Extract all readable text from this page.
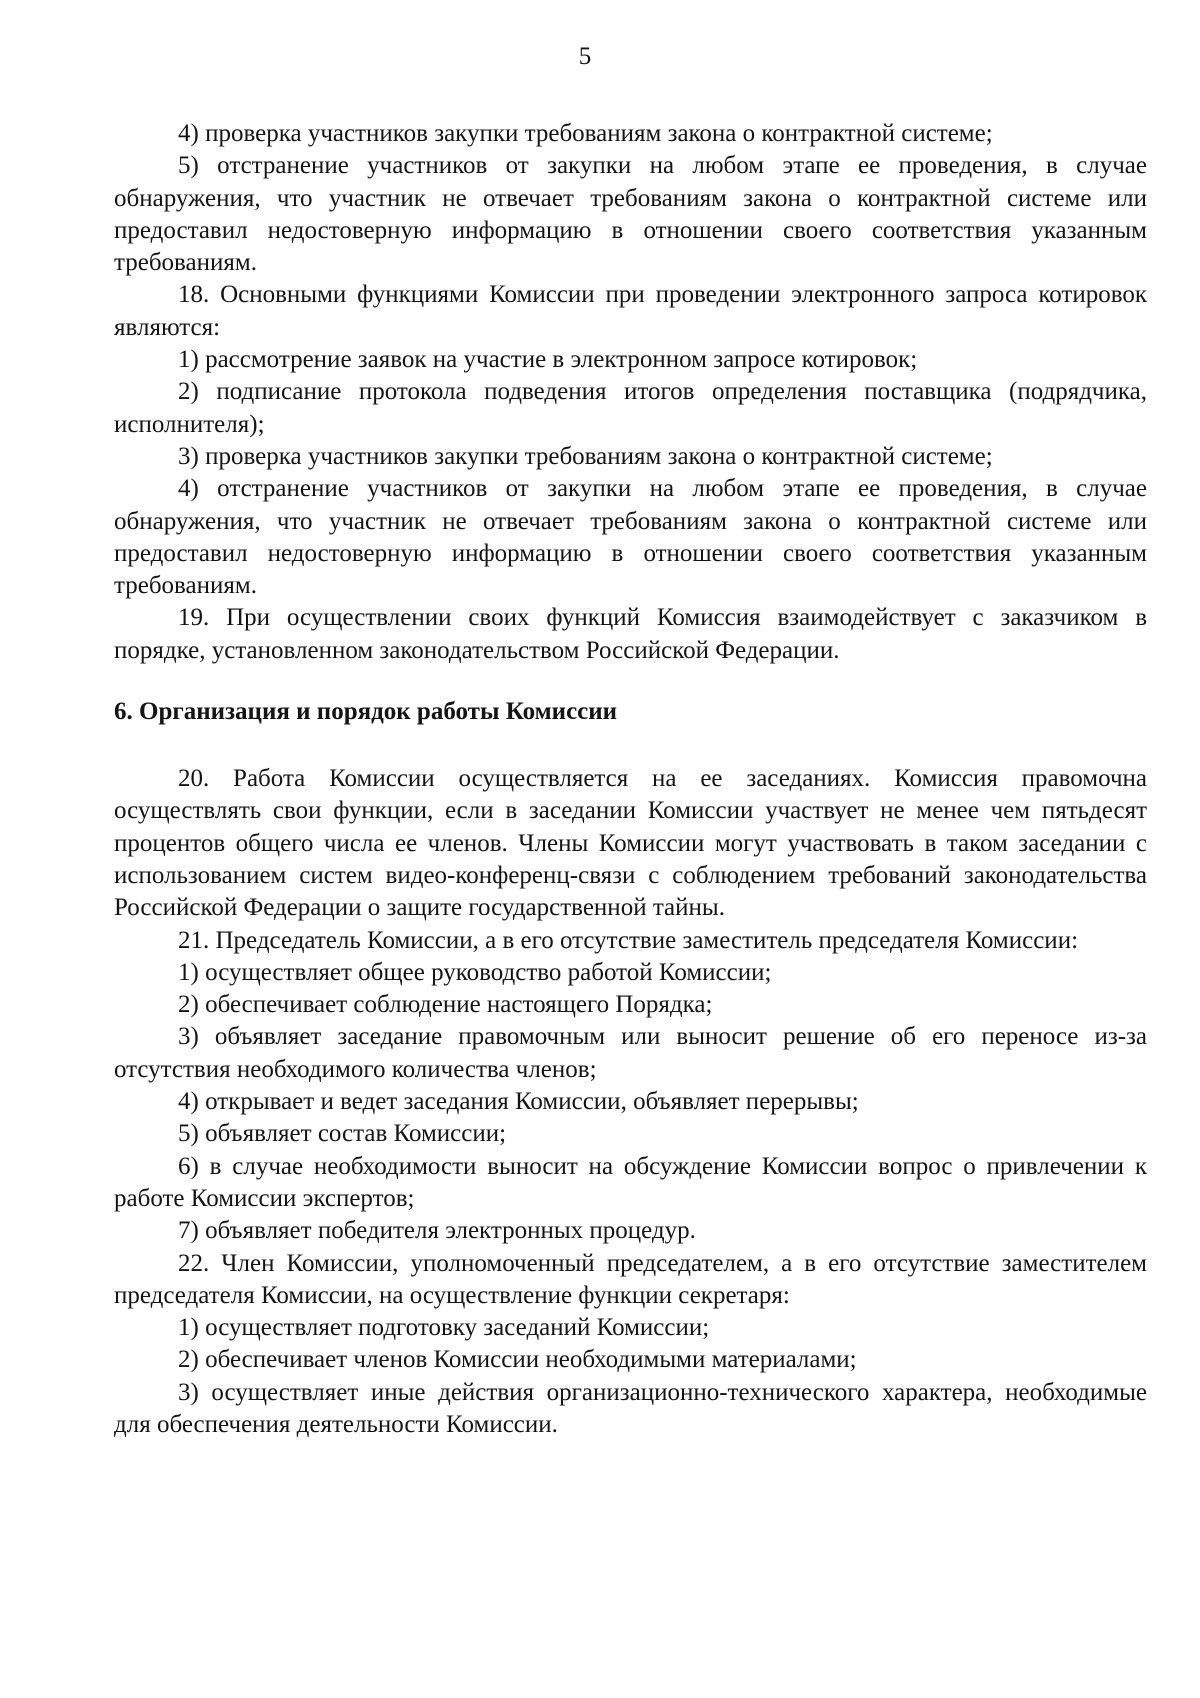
5

4) проверка участников закупки требованиям закона о контрактной системе;

5) отстранение участников от закупки на любом этапе ее проведения, в случае обнаружения, что участник не отвечает требованиям закона о контрактной системе или предоставил недостоверную информацию в отношении своего соответствия указанным требованиям.

18. Основными функциями Комиссии при проведении электронного запроса котировок являются:

1) рассмотрение заявок на участие в электронном запросе котировок;

2) подписание протокола подведения итогов определения поставщика (подрядчика, исполнителя);

3) проверка участников закупки требованиям закона о контрактной системе;

4) отстранение участников от закупки на любом этапе ее проведения, в случае обнаружения, что участник не отвечает требованиям закона о контрактной системе или предоставил недостоверную информацию в отношении своего соответствия указанным требованиям.

19. При осуществлении своих функций Комиссия взаимодействует с заказчиком в порядке, установленном законодательством Российской Федерации.

6. Организация и порядок работы Комиссии

20. Работа Комиссии осуществляется на ее заседаниях. Комиссия правомочна осуществлять свои функции, если в заседании Комиссии участвует не менее чем пятьдесят процентов общего числа ее членов. Члены Комиссии могут участвовать в таком заседании с использованием систем видео-конференц-связи с соблюдением требований законодательства Российской Федерации о защите государственной тайны.

21. Председатель Комиссии, а в его отсутствие заместитель председателя Комиссии:

1) осуществляет общее руководство работой Комиссии;

2) обеспечивает соблюдение настоящего Порядка;

3) объявляет заседание правомочным или выносит решение об его переносе из-за отсутствия необходимого количества членов;

4) открывает и ведет заседания Комиссии, объявляет перерывы;

5) объявляет состав Комиссии;

6) в случае необходимости выносит на обсуждение Комиссии вопрос о привлечении к работе Комиссии экспертов;

7) объявляет победителя электронных процедур.

22. Член Комиссии, уполномоченный председателем, а в его отсутствие заместителем председателя Комиссии, на осуществление функции секретаря:

1) осуществляет подготовку заседаний Комиссии;

2) обеспечивает членов Комиссии необходимыми материалами;

3) осуществляет иные действия организационно-технического характера, необходимые для обеспечения деятельности Комиссии.
